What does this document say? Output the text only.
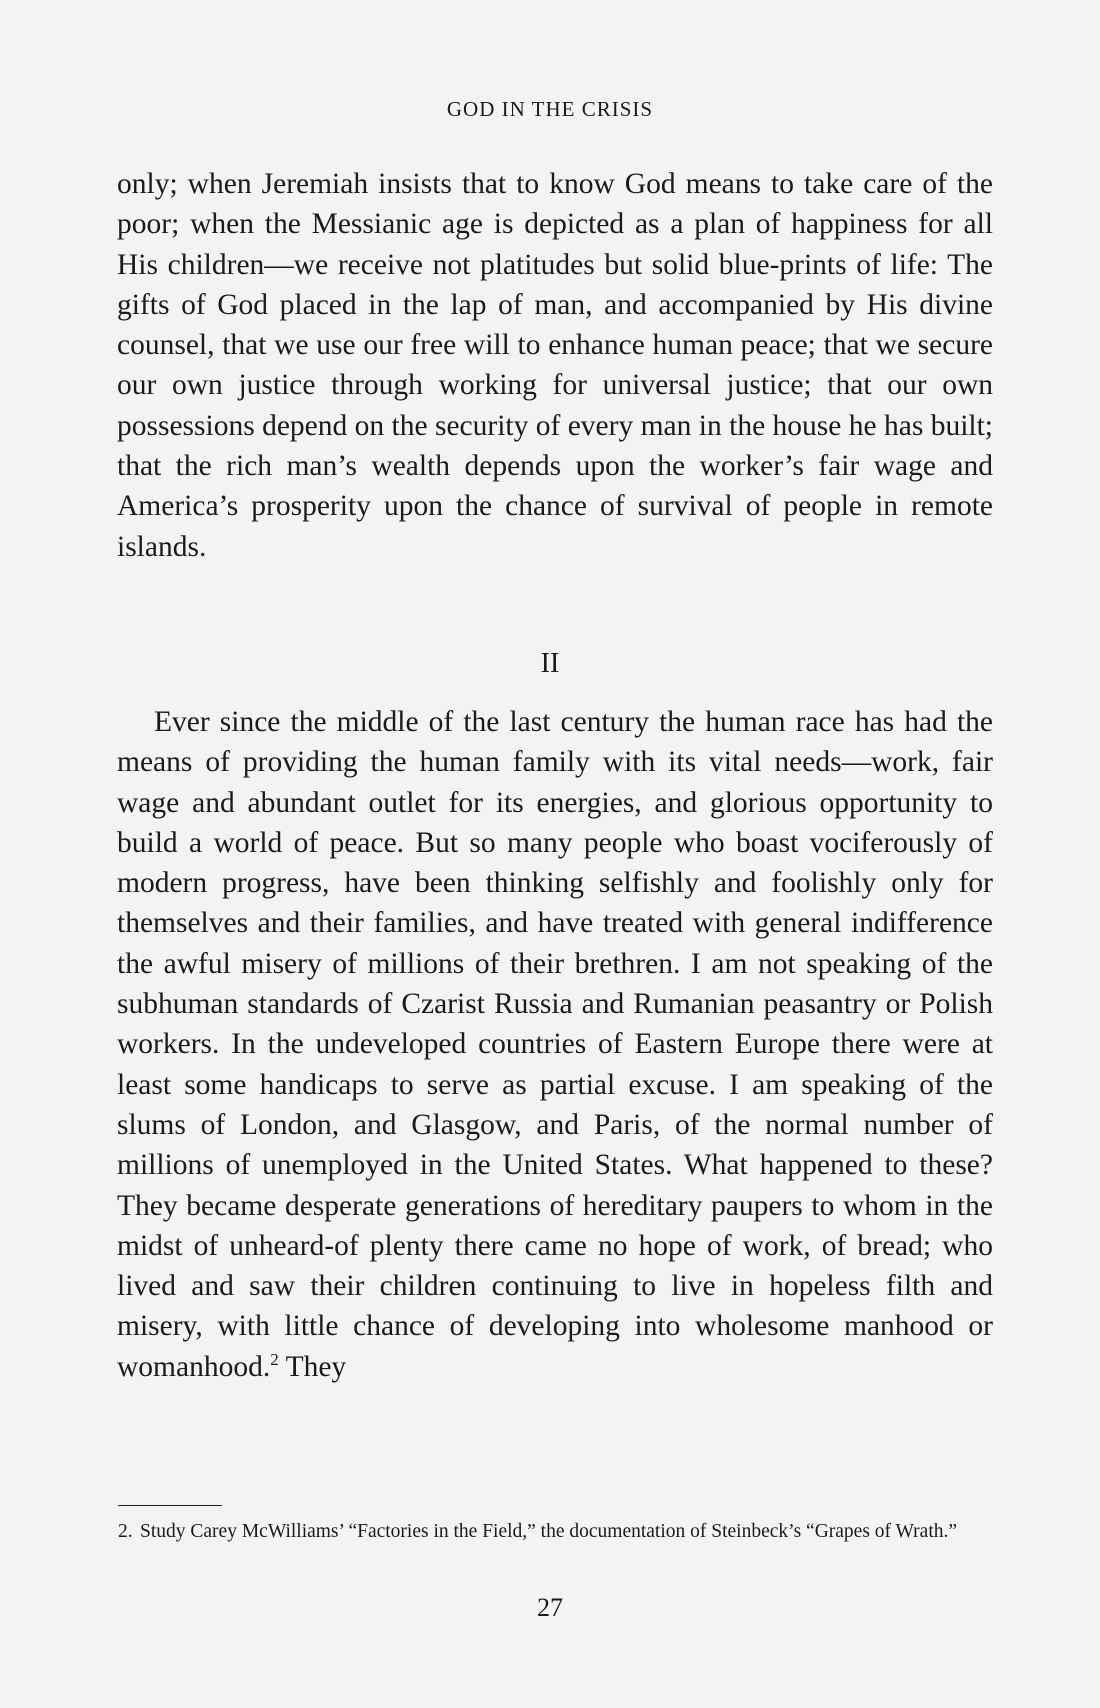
GOD IN THE CRISIS

only; when Jeremiah insists that to know God means to take care of the poor; when the Messianic age is depicted as a plan of happiness for all His children—we receive not platitudes but solid blue-prints of life: The gifts of God placed in the lap of man, and accompanied by His divine counsel, that we use our free will to enhance human peace; that we secure our own justice through working for universal justice; that our own possessions depend on the security of every man in the house he has built; that the rich man’s wealth depends upon the worker’s fair wage and America’s prosperity upon the chance of survival of people in remote islands.

II

Ever since the middle of the last century the human race has had the means of providing the human family with its vital needs—work, fair wage and abundant outlet for its energies, and glorious opportunity to build a world of peace. But so many people who boast vociferously of modern progress, have been thinking selfishly and foolishly only for themselves and their families, and have treated with general indifference the awful misery of millions of their brethren. I am not speaking of the subhuman standards of Czarist Russia and Rumanian peasantry or Polish workers. In the undeveloped countries of Eastern Europe there were at least some handicaps to serve as partial excuse. I am speaking of the slums of London, and Glasgow, and Paris, of the normal number of millions of unemployed in the United States. What happened to these? They became desperate generations of hereditary paupers to whom in the midst of unheard-of plenty there came no hope of work, of bread; who lived and saw their children continuing to live in hopeless filth and misery, with little chance of developing into wholesome manhood or womanhood.$^2$ They

2. Study Carey McWilliams’ “Factories in the Field,” the documentation of Steinbeck’s “Grapes of Wrath.”
27
